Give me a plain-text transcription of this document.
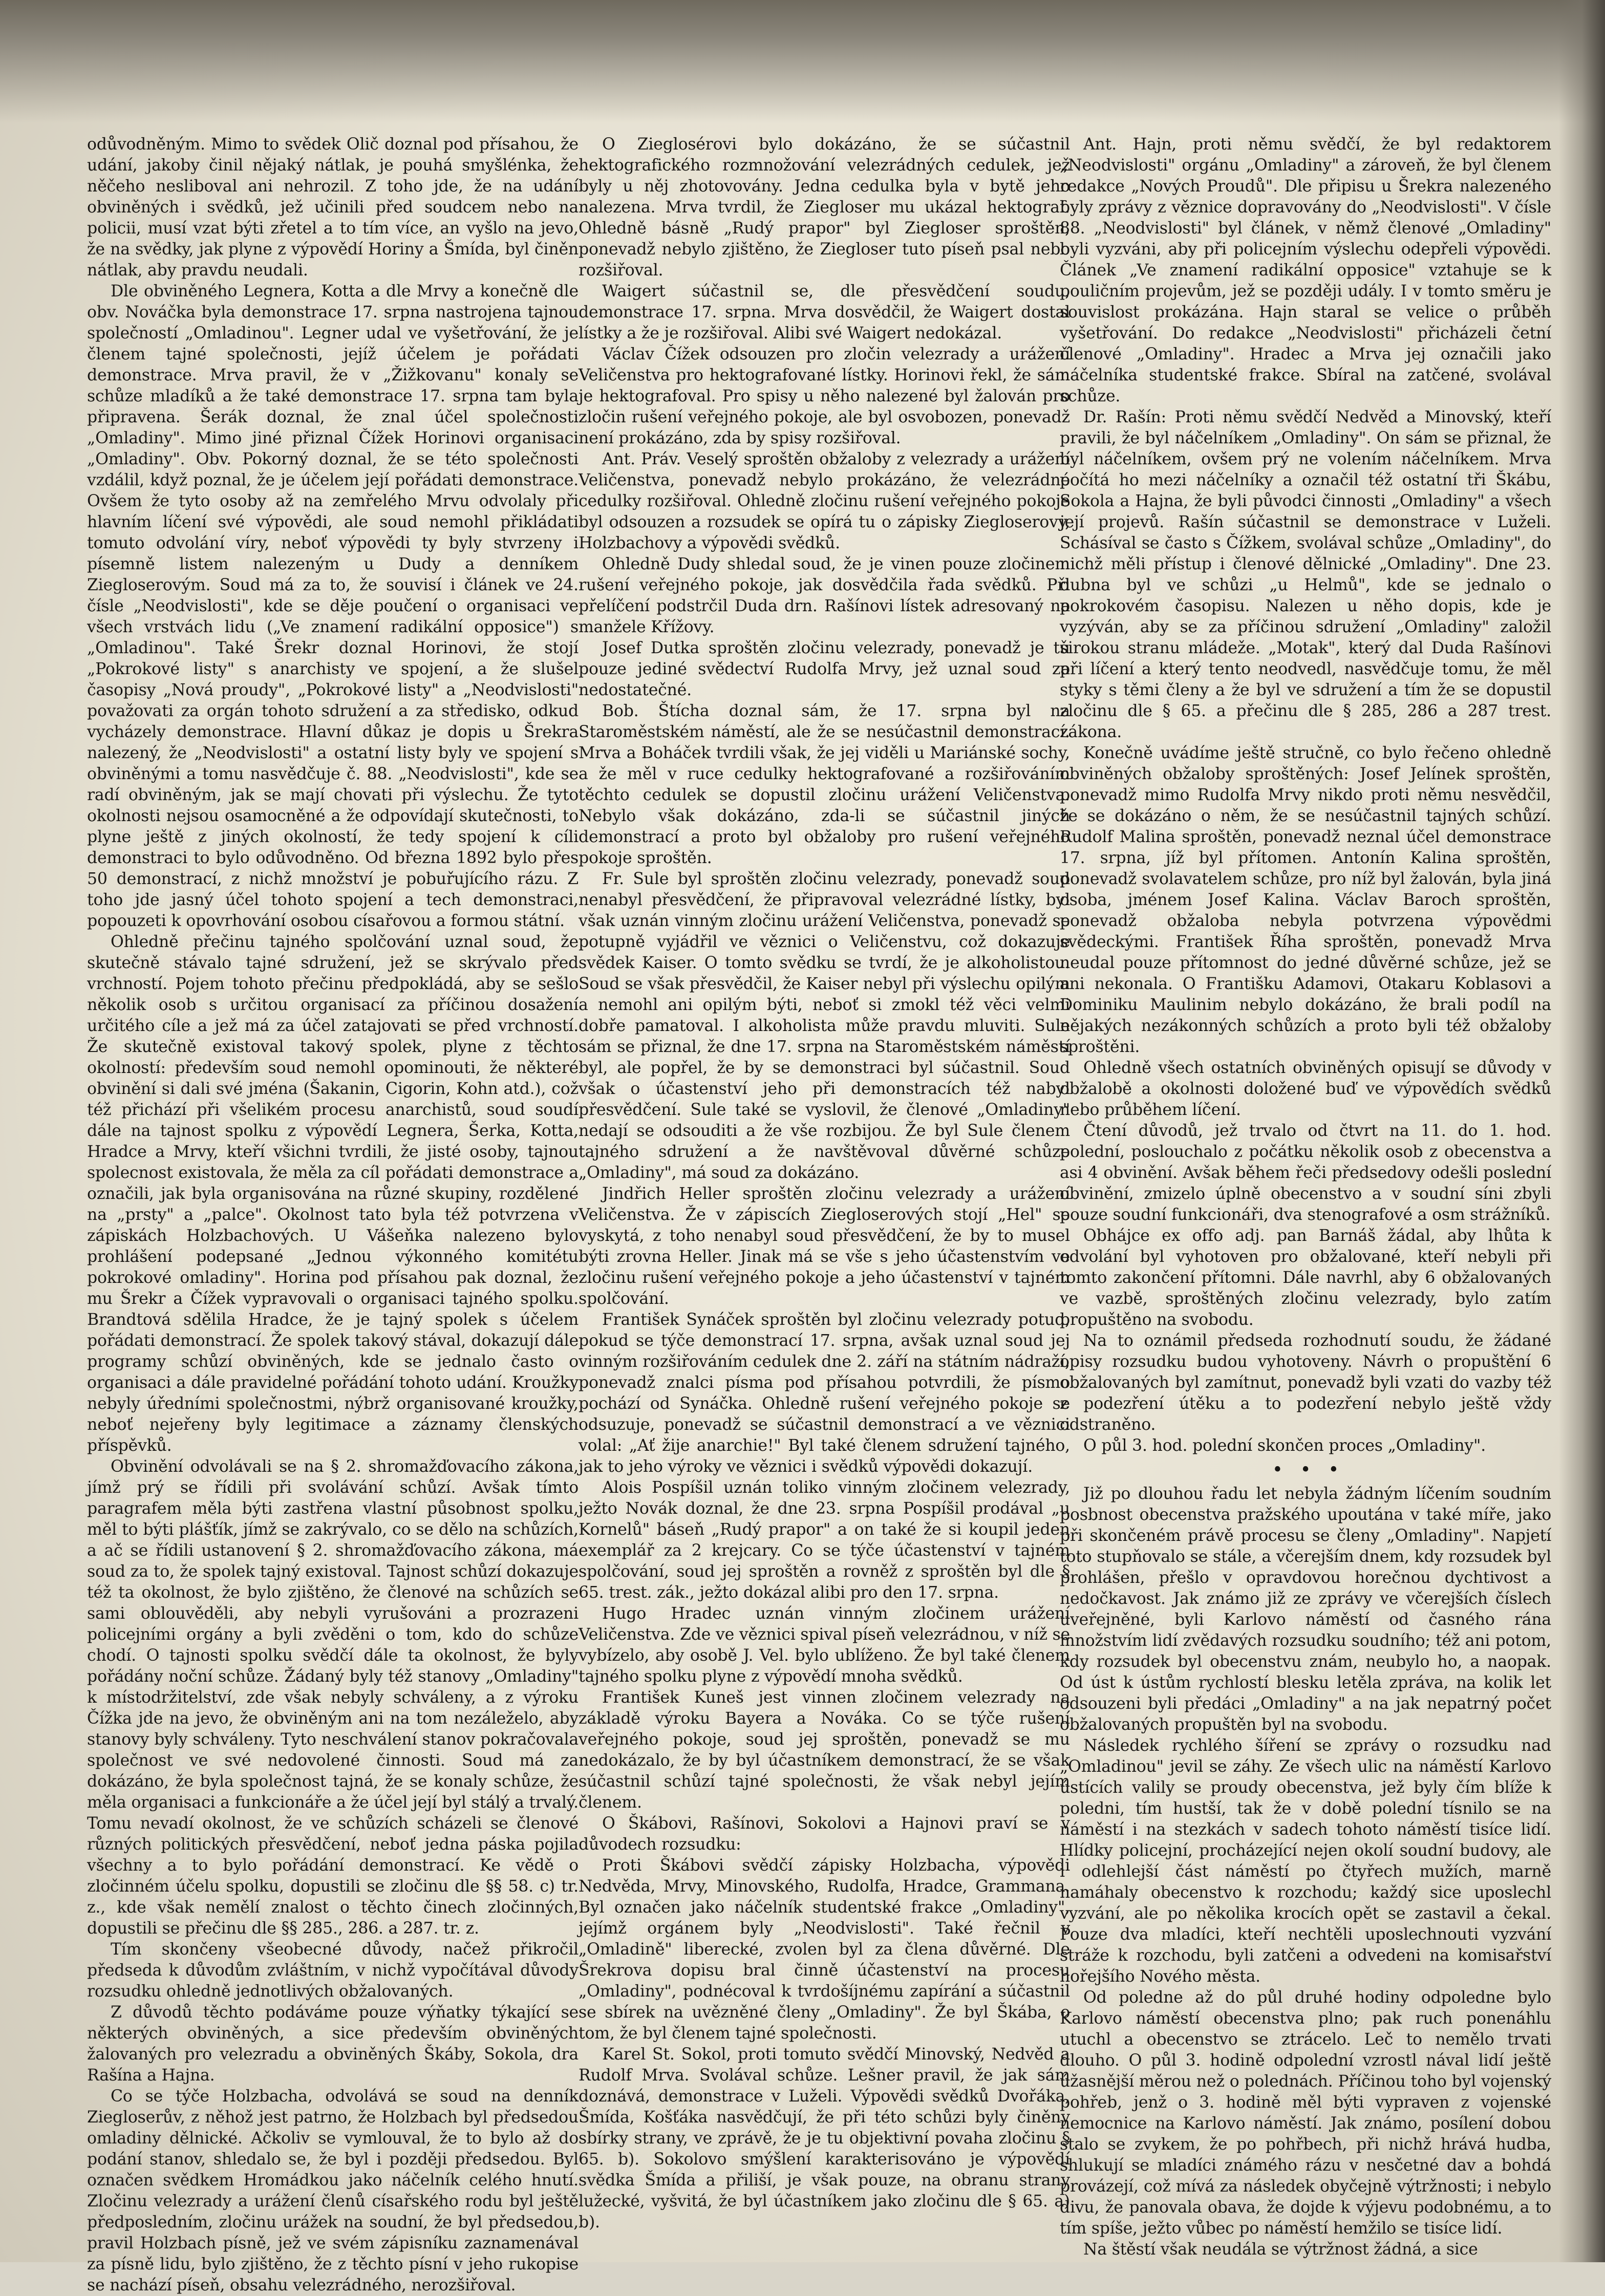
odůvodněným. Mimo to svědek Olič doznal pod přísahou, že udání, jakoby činil nějaký nátlak, je pouhá smyšlénka, že něčeho nesliboval ani nehrozil. Z toho jde, že na udání obviněných i svědků, jež učinili před soudcem nebo na policii, musí vzat býti zřetel a to tím více, an vyšlo na jevo, že na svědky, jak plyne z výpovědí Horiny a Šmída, byl činěn nátlak, aby pravdu neudali.

Dle obviněného Legnera, Kotta a dle Mrvy a konečně dle obv. Nováčka byla demonstrace 17. srpna nastrojena tajnou společností „Omladinou". Legner udal ve vyšetřování, že je členem tajné společnosti, jejíž účelem je pořádati demonstrace. Mrva pravil, že v „Žižkovanu" konaly se schůze mladíků a že také demonstrace 17. srpna tam byla připravena. Šerák doznal, že znal účel společnosti „Omladiny". Mimo jiné přiznal Čížek Horinovi organisaci „Omladiny". Obv. Pokorný doznal, že se této společnosti vzdálil, když poznal, že je účelem její pořádati demonstrace. Ovšem že tyto osoby až na zemřelého Mrvu odvolaly při hlavním líčení své výpovědi, ale soud nemohl přikládati tomuto odvolání víry, neboť výpovědi ty byly stvrzeny i písemně listem nalezeným u Dudy a denníkem Ziegloserovým. Soud má za to, že souvisí i článek ve 24. čísle „Neodvislosti", kde se děje poučení o organisaci ve všech vrstvách lidu („Ve znamení radikální opposice") s „Omladinou". Také Šrekr doznal Horinovi, že stojí „Pokrokové listy" s anarchisty ve spojení, a že slušel časopisy „Nová proudy", „Pokrokové listy" a „Neodvislosti" považovati za orgán tohoto sdružení a za středisko, odkud vycházely demonstrace. Hlavní důkaz je dopis u Šrekra nalezený, že „Neodvislosti" a ostatní listy byly ve spojení s obviněnými a tomu nasvědčuje č. 88. „Neodvislosti", kde se radí obviněným, jak se mají chovati při výslechu. Že tyto okolnosti nejsou osamocněné a že odpovídají skutečnosti, to plyne ještě z jiných okolností, že tedy spojení k cíli demonstraci to bylo odůvodněno. Od března 1892 bylo přes 50 demonstrací, z nichž množství je pobuřujícího rázu. Z toho jde jasný účel tohoto spojení a tech demonstraci, popouzeti k opovrhování osobou císařovou a formou státní.

Ohledně přečinu tajného spolčování uznal soud, že skutečně stávalo tajné sdružení, jež se skrývalo před vrchností. Pojem tohoto přečinu předpokládá, aby se sešlo několik osob s určitou organisací za příčinou dosažení určitého cíle a jež má za účel zatajovati se před vrchností. Že skutečně existoval takový spolek, plyne z těchto okolností: především soud nemohl opominouti, že některé obvinění si dali své jména (Šakanin, Cigorin, Kohn atd.), což též přichází při všelikém procesu anarchistů, soud soudí dále na tajnost spolku z výpovědí Legnera, Šerka, Kotta, Hradce a Mrvy, kteří všichni tvrdili, že jisté osoby, tajnou spolecnost existovala, že měla za cíl pořádati demonstrace a označili, jak byla organisována na různé skupiny, rozdělené na „prsty" a „palce". Okolnost tato byla též potvrzena v zápiskách Holzbachových. U Vášeňka nalezeno bylo prohlášení podepsané „Jednou výkonného komitétu pokrokové omladiny". Horina pod přísahou pak doznal, že mu Šrekr a Čížek vypravovali o organisaci tajného spolku. Brandtová sdělila Hradce, že je tajný spolek s účelem pořádati demonstrací. Že spolek takový stával, dokazují dále programy schůzí obviněných, kde se jednalo často o organisaci a dále pravidelné pořádání tohoto udání. Kroužky nebyly úředními společnostmi, nýbrž organisované kroužky, neboť nejeřeny byly legitimace a záznamy členských příspěvků.

Obvinění odvolávali se na § 2. shromažďovacího zákona, jímž prý se řídili při svolávání schůzí. Avšak tímto paragrafem měla býti zastřena vlastní působnost spolku, měl to býti plášťík, jímž se zakrývalo, co se dělo na schůzích, a ač se řídili ustanovení § 2. shromažďovacího zákona, má soud za to, že spolek tajný existoval. Tajnost schůzí dokazuje též ta okolnost, že bylo zjištěno, že členové na schůzích se sami oblouvěděli, aby nebyli vyrušováni a prozrazeni policejními orgány a byli zvěděni o tom, kdo do schůze chodí. O tajnosti spolku svědčí dále ta okolnost, že byly pořádány noční schůze. Žádaný byly též stanovy „Omladiny" k místodržitelství, zde však nebyly schváleny, a z výroku Čížka jde na jevo, že obviněným ani na tom nezáleželo, aby stanovy byly schváleny. Tyto neschválení stanov pokračovala společnost ve své nedovolené činnosti. Soud má za dokázáno, že byla společnost tajná, že se konaly schůze, že měla organisaci a funkcionáře a že účel její byl stálý a trvalý. Tomu nevadí okolnost, že ve schůzích scházeli se členové různých politických přesvědčení, neboť jedna páska pojila všechny a to bylo pořádání demonstrací. Ke vědě o zločinném účelu spolku, dopustili se zločinu dle §§ 58. c) tr. z., kde však nemělí znalost o těchto činech zločinných, dopustili se přečinu dle §§ 285., 286. a 287. tr. z.

Tím skončeny všeobecné důvody, načež přikročil předseda k důvodům zvláštním, v nichž vypočítával důvody rozsudku ohledně jednotlivých obžalovaných.

Z důvodů těchto podáváme pouze výňatky týkající se některých obviněných, a sice především obviněných žalovaných pro velezradu a obviněných Škáby, Sokola, dra Rašína a Hajna.

Co se týče Holzbacha, odvolává se soud na denník Ziegloserův, z něhož jest patrno, že Holzbach byl předsedou omladiny dělnické. Ačkoliv se vymlouval, že to bylo až do podání stanov, shledalo se, že byl i později předsedou. Byl označen svědkem Hromádkou jako náčelník celého hnutí. Zločinu velezrady a urážení členů císařského rodu byl ještě předposledním, zločinu urážek na soudní, že byl předsedou, pravil Holzbach písně, jež ve svém zápisníku zaznamenával za písně lidu, bylo zjištěno, že z těchto písní v jeho rukopise se nachází píseň, obsahu velezrádného, nerozšiřoval.

O Zieglosérovi bylo dokázáno, že se súčastnil hektografického rozmnožování velezrádných cedulek, jež byly u něj zhotovovány. Jedna cedulka byla v bytě jeho nalezena. Mrva tvrdil, že Ziegloser mu ukázal hektograf. Ohledně básně „Rudý prapor" byl Ziegloser sproštěn, ponevadž nebylo zjištěno, že Ziegloser tuto píseň psal nebo rozšiřoval.

Waigert súčastnil se, dle přesvědčení soudu, demonstrace 17. srpna. Mrva dosvědčil, že Waigert dostal lístky a že je rozšiřoval. Alibi své Waigert nedokázal.

Václav Čížek odsouzen pro zločin velezrady a urážení Veličenstva pro hektografované lístky. Horinovi řekl, že sám je hektografoval. Pro spisy u něho nalezené byl žalován pro zločin rušení veřejného pokoje, ale byl osvobozen, ponevadž není prokázáno, zda by spisy rozšiřoval.

Ant. Práv. Veselý sproštěn obžaloby z velezrady a urážení Veličenstva, ponevadž nebylo prokázáno, že velezrádné cedulky rozšiřoval. Ohledně zločinu rušení veřejného pokoje byl odsouzen a rozsudek se opírá tu o zápisky Ziegloserovy, Holzbachovy a výpovědi svědků.

Ohledně Dudy shledal soud, že je vinen pouze zločinem rušení veřejného pokoje, jak dosvědčila řada svědků. Při přelíčení podstrčil Duda drn. Rašínovi lístek adresovaný na manžele Křížovy.

Josef Dutka sproštěn zločinu velezrady, ponevadž je tu pouze jediné svědectví Rudolfa Mrvy, jež uznal soud za nedostatečné.

Bob. Štícha doznal sám, že 17. srpna byl na Staroměstském náměstí, ale že se nesúčastnil demonstrací. Mrva a Boháček tvrdili však, že jej viděli u Mariánské sochy, a že měl v ruce cedulky hektografované a rozšiřováním těchto cedulek se dopustil zločinu urážení Veličenstva. Nebylo však dokázáno, zda-li se súčastnil jiných demonstrací a proto byl obžaloby pro rušení veřejného pokoje sproštěn.

Fr. Sule byl sproštěn zločinu velezrady, ponevadž soud nenabyl přesvědčení, že připravoval velezrádné lístky, byl však uznán vinným zločinu urážení Veličenstva, ponevadž se potupně vyjádřil ve věznici o Veličenstvu, což dokazuje svědek Kaiser. O tomto svědku se tvrdí, že je alkoholistou. Soud se však přesvědčil, že Kaiser nebyl při výslechu opilým a nemohl ani opilým býti, neboť si zmokl též věci velmi dobře pamatoval. I alkoholista může pravdu mluviti. Sule sám se přiznal, že dne 17. srpna na Staroměstském náměstí byl, ale popřel, že by se demonstraci byl súčastnil. Soud však o účastenství jeho při demonstracích též nabyl přesvědčení. Sule také se vyslovil, že členové „Omladiny" nedají se odsouditi a že vše rozbijou. Že byl Sule členem tajného sdružení a že navštěvoval důvěrné schůze „Omladiny", má soud za dokázáno.

Jindřich Heller sproštěn zločinu velezrady a urážení Veličenstva. Že v zápiscích Ziegloserových stojí „Hel" se vyskytá, z toho nenabyl soud přesvědčení, že by to musel býti zrovna Heller. Jinak má se vše s jeho účastenstvím ve zločinu rušení veřejného pokoje a jeho účastenství v tajném spolčování.

František Synáček sproštěn byl zločinu velezrady potud, pokud se týče demonstrací 17. srpna, avšak uznal soud jej vinným rozšiřováním cedulek dne 2. září na státním nádraží, ponevadž znalci písma pod přísahou potvrdili, že písmo pochází od Synáčka. Ohledně rušení veřejného pokoje se odsuzuje, ponevadž se súčastnil demonstrací a ve věznici volal: „Ať žije anarchie!" Byl také členem sdružení tajného, jak to jeho výroky ve věznici i svědků výpovědi dokazují.

Alois Pospíšil uznán toliko vinným zločinem velezrady, ježto Novák doznal, že dne 23. srpna Pospíšil prodával „u Kornelů" báseň „Rudý prapor" a on také že si koupil jeden exemplář za 2 krejcary. Co se týče účastenství v tajném spolčování, soud jej sproštěn a rovněž z sproštěn byl dle § 65. trest. zák., ježto dokázal alibi pro den 17. srpna.

Hugo Hradec uznán vinným zločinem urážení Veličenstva. Zde ve věznici spival píseň velezrádnou, v níž se vybízelo, aby osobě J. Vel. bylo ublíženo. Že byl také členem tajného spolku plyne z výpovědí mnoha svědků.

František Kuneš jest vinnen zločinem velezrady na základě výroku Bayera a Nováka. Co se týče rušení veřejného pokoje, soud jej sproštěn, ponevadž se mu nedokázalo, že by byl účastníkem demonstrací, že se však súčastnil schůzí tajné společnosti, že však nebyl jejím členem.

O Škábovi, Rašínovi, Sokolovi a Hajnovi praví se v důvodech rozsudku:

Proti Škábovi svědčí zápisky Holzbacha, výpovědi Nedvěda, Mrvy, Minovského, Rudolfa, Hradce, Grammana. Byl označen jako náčelník studentské frakce „Omladiny", jejímž orgánem byly „Neodvislosti". Také řečnil v „Omladině" liberecké, zvolen byl za člena důvěrné. Dle Šrekrova dopisu bral činně účastenství na procesu „Omladiny", podnécoval k tvrdošíjnému zapírání a súčastnil se sbírek na uvězněné členy „Omladiny". Že byl Škába, o tom, že byl členem tajné společnosti.

Karel St. Sokol, proti tomuto svědčí Minovský, Nedvěd a Rudolf Mrva. Svolával schůze. Lešner pravil, že jak sám doznává, demonstrace v Luželi. Výpovědi svědků Dvořáka, Šmída, Košťáka nasvědčují, že při této schůzi byly činěny sbírky strany, ve zprávě, že je tu objektivní povaha zločinu § 65. b). Sokolovo smýšlení karakterisováno je výpovědí svědka Šmída a přiliší, je však pouze, na obranu strany lužecké, vyšvitá, že byl účastníkem jako zločinu dle § 65. a) b).

Ant. Hajn, proti němu svědčí, že byl redaktorem „Neodvislosti" orgánu „Omladiny" a zároveň, že byl členem redakce „Nových Proudů". Dle připisu u Šrekra nalezeného byly zprávy z věznice dopravovány do „Neodvislosti". V čísle 88. „Neodvislosti" byl článek, v němž členové „Omladiny" byli vyzváni, aby při policejním výslechu odepřeli výpovědi. Článek „Ve znamení radikální opposice" vztahuje se k pouličním projevům, jež se později udály. I v tomto směru je souvislost prokázána. Hajn staral se velice o průběh vyšetřování. Do redakce „Neodvislosti" přicházeli četní členové „Omladiny". Hradec a Mrva jej označili jako náčelníka studentské frakce. Sbíral na zatčené, svolával schůze.

Dr. Rašín: Proti němu svědčí Nedvěd a Minovský, kteří pravili, že byl náčelníkem „Omladiny". On sám se přiznal, že byl náčelníkem, ovšem prý ne volením náčelníkem. Mrva počítá ho mezi náčelníky a označil též ostatní tři Škábu, Sokola a Hajna, že byli původci činnosti „Omladiny" a všech její projevů. Rašín súčastnil se demonstrace v Luželi. Schásíval se často s Čížkem, svolával schůze „Omladiny", do nichž měli přístup i členové dělnické „Omladiny". Dne 23. dubna byl ve schůzi „u Helmů", kde se jednalo o pokrokovém časopisu. Nalezen u něho dopis, kde je vyzýván, aby se za příčinou sdružení „Omladiny" založil širokou stranu mládeže. „Motak", který dal Duda Rašínovi při líčení a který tento neodvedl, nasvědčuje tomu, že měl styky s těmi členy a že byl ve sdružení a tím že se dopustil zločinu dle § 65. a přečinu dle § 285, 286 a 287 trest. zákona.

Konečně uvádíme ještě stručně, co bylo řečeno ohledně obviněných obžaloby sproštěných: Josef Jelínek sproštěn, ponevadž mimo Rudolfa Mrvy nikdo proti němu nesvědčil, že se dokázáno o něm, že se nesúčastnil tajných schůzí. Rudolf Malina sproštěn, ponevadž neznal účel demonstrace 17. srpna, jíž byl přítomen. Antonín Kalina sproštěn, ponevadž svolavatelem schůze, pro níž byl žalován, byla jiná osoba, jménem Josef Kalina. Václav Baroch sproštěn, ponevadž obžaloba nebyla potvrzena výpovědmi svědeckými. František Říha sproštěn, ponevadž Mrva neudal pouze přítomnost do jedné důvěrné schůze, jež se ani nekonala. O Františku Adamovi, Otakaru Koblasovi a Dominiku Maulinim nebylo dokázáno, že brali podíl na nějakých nezákonných schůzích a proto byli též obžaloby sproštěni.

Ohledně všech ostatních obviněných opisují se důvody v obžalobě a okolnosti doložené buď ve výpovědích svědků nebo průběhem líčení.

Čtení důvodů, jež trvalo od čtvrt na 11. do 1. hod. polední, poslouchalo z počátku několik osob z obecenstva a asi 4 obvinění. Avšak během řeči předsedovy odešli poslední obvinění, zmizelo úplně obecenstvo a v soudní síni zbyli pouze soudní funkcionáři, dva stenografové a osm strážníků.

Obhájce ex offo adj. pan Barnáš žádal, aby lhůta k odvolání byl vyhotoven pro obžalované, kteří nebyli při tomto zakončení přítomni. Dále navrhl, aby 6 obžalovaných ve vazbě, sproštěných zločinu velezrady, bylo zatím propuštěno na svobodu.

Na to oznámil předseda rozhodnutí soudu, že žádané opisy rozsudku budou vyhotoveny. Návrh o propuštění 6 obžalovaných byl zamítnut, ponevadž byli vzati do vazby též z podezření útěku a to podezření nebylo ještě vždy odstraněno.

O půl 3. hod. polední skončen proces „Omladiny".

•   •   •

Již po dlouhou řadu let nebyla žádným líčením soudním posbnost obecenstva pražského upoutána v také míře, jako při skončeném právě procesu se členy „Omladiny". Napjetí toto stupňovalo se stále, a včerejším dnem, kdy rozsudek byl prohlášen, přešlo v opravdovou horečnou dychtivost a nedočkavost. Jak známo již ze zprávy ve včerejších číslech uveřejněné, byli Karlovo náměstí od časného rána množstvím lidí zvědavých rozsudku soudního; též ani potom, kdy rozsudek byl obecenstvu znám, neubylo ho, a naopak. Od úst k ústům rychlostí blesku letěla zpráva, na kolik let odsouzeni byli předáci „Omladiny" a na jak nepatrný počet obžalovaných propuštěn byl na svobodu.

Následek rychlého šíření se zprávy o rozsudku nad „Omladinou" jevil se záhy. Ze všech ulic na náměstí Karlovo ústících valily se proudy obecenstva, jež byly čím blíže k poledni, tím hustší, tak že v době polední tísnilo se na náměstí i na stezkách v sadech tohoto náměstí tisíce lidí. Hlídky policejní, procházející nejen okolí soudní budovy, ale i odlehlejší část náměstí po čtyřech mužích, marně namáhaly obecenstvo k rozchodu; každý sice uposlechl vyzvání, ale po několika krocích opět se zastavil a čekal. Pouze dva mladíci, kteří nechtěli uposlechnouti vyzvání stráže k rozchodu, byli zatčeni a odvedeni na komisařství hořejšího Nového města.

Od poledne až do půl druhé hodiny odpoledne bylo Karlovo náměstí obecenstva plno; pak ruch ponenáhlu utuchl a obecenstvo se ztrácelo. Leč to nemělo trvati dlouho. O půl 3. hodině odpolední vzrostl nával lidí ještě úžasnější měrou než o polednách. Příčinou toho byl vojenský pohřeb, jenž o 3. hodině měl býti vypraven z vojenské nemocnice na Karlovo náměstí. Jak známo, posílení dobou stalo se zvykem, že po pohřbech, při nichž hrává hudba, shlukují se mladíci známého rázu v nesčetné dav a bohdá provázejí, což mívá za následek obyčejně výtržnosti; i nebylo divu, že panovala obava, že dojde k výjevu podobnému, a to tím spíše, ježto vůbec po náměstí hemžilo se tisíce lidí.

Na štěstí však neudála se výtržnost žádná, a sice
